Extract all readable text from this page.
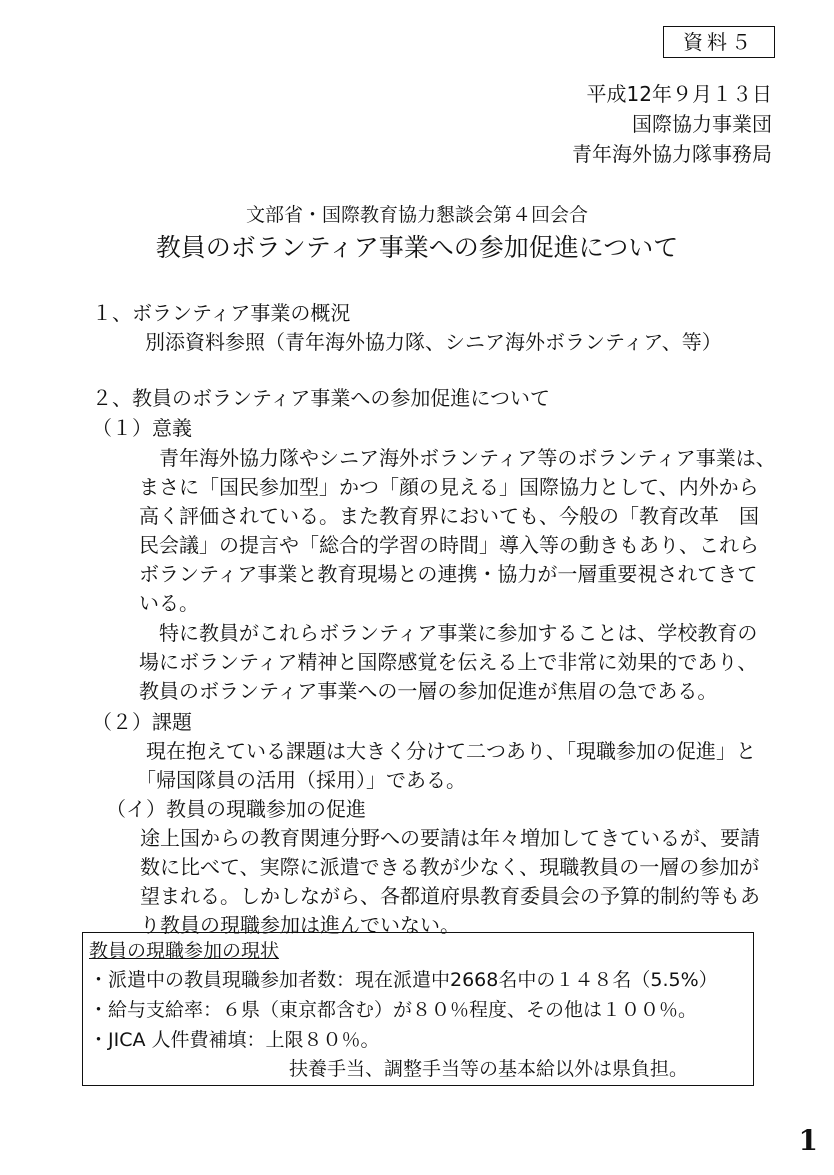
資料５
平成12年９月１３日
国際協力事業団
青年海外協力隊事務局
文部省・国際教育協力懇談会第４回会合
教員のボランティア事業への参加促進について
１、ボランティア事業の概況
別添資料参照（青年海外協力隊、シニア海外ボランティア、等）
２、教員のボランティア事業への参加促進について
（１）意義
青年海外協力隊やシニア海外ボランティア等のボランティア事業は、
まさに「国民参加型」かつ「顔の見える」国際協力として、内外から
高く評価されている。また教育界においても、今般の「教育改革　国
民会議」の提言や「総合的学習の時間」導入等の動きもあり、これら
ボランティア事業と教育現場との連携・協力が一層重要視されてきて
いる。
特に教員がこれらボランティア事業に参加することは、学校教育の
場にボランティア精神と国際感覚を伝える上で非常に効果的であり、
教員のボランティア事業への一層の参加促進が焦眉の急である。
（２）課題
現在抱えている課題は大きく分けて二つあり、「現職参加の促進」と
「帰国隊員の活用（採用）」である。
（イ）教員の現職参加の促進
途上国からの教育関連分野への要請は年々増加してきているが、要請
数に比べて、実際に派遣できる教が少なく、現職教員の一層の参加が
望まれる。しかしながら、各都道府県教育委員会の予算的制約等もあ
り教員の現職参加は進んでいない。
教員の現職参加の現状
・派遣中の教員現職参加者数：現在派遣中2668名中の１４８名（5.5%）
・給与支給率：６県（東京都含む）が８０％程度、その他は１００％。
・JICA 人件費補填：上限８０％。
扶養手当、調整手当等の基本給以外は県負担。
1
